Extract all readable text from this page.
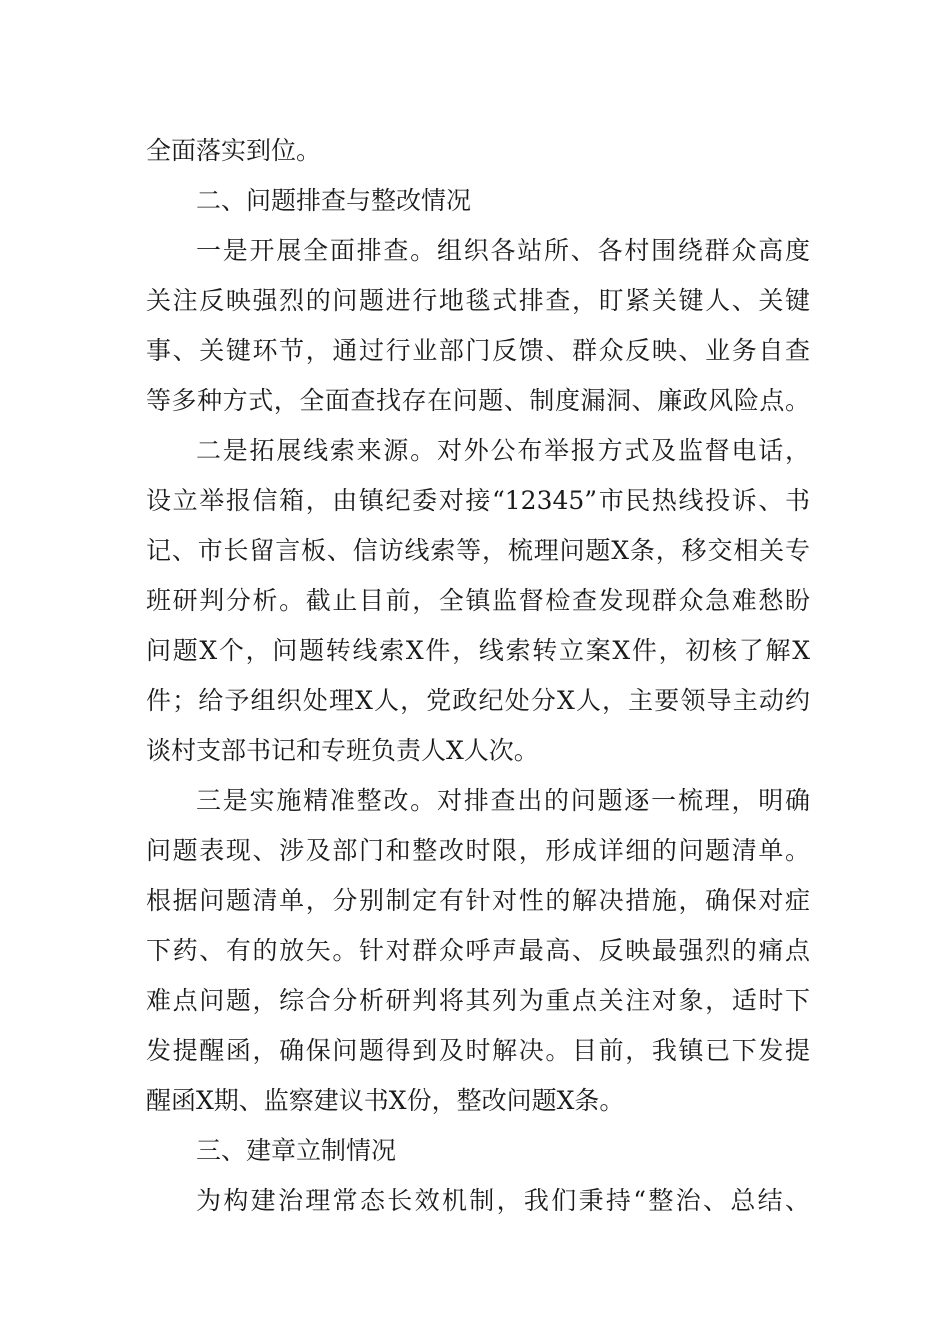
全面落实到位。
二、问题排查与整改情况
一是开展全面排查。组织各站所、各村围绕群众高度
关注反映强烈的问题进行地毯式排查，盯紧关键人、关键
事、关键环节，通过行业部门反馈、群众反映、业务自查
等多种方式，全面查找存在问题、制度漏洞、廉政风险点。
二是拓展线索来源。对外公布举报方式及监督电话，
设立举报信箱，由镇纪委对接“12345”市民热线投诉、书
记、市长留言板、信访线索等，梳理问题X条，移交相关专
班研判分析。截止目前，全镇监督检查发现群众急难愁盼
问题X个，问题转线索X件，线索转立案X件，初核了解X
件；给予组织处理X人，党政纪处分X人，主要领导主动约
谈村支部书记和专班负责人X人次。
三是实施精准整改。对排查出的问题逐一梳理，明确
问题表现、涉及部门和整改时限，形成详细的问题清单。
根据问题清单，分别制定有针对性的解决措施，确保对症
下药、有的放矢。针对群众呼声最高、反映最强烈的痛点
难点问题，综合分析研判将其列为重点关注对象，适时下
发提醒函，确保问题得到及时解决。目前，我镇已下发提
醒函X期、监察建议书X份，整改问题X条。
三、建章立制情况
为构建治理常态长效机制，我们秉持“整治、总结、
